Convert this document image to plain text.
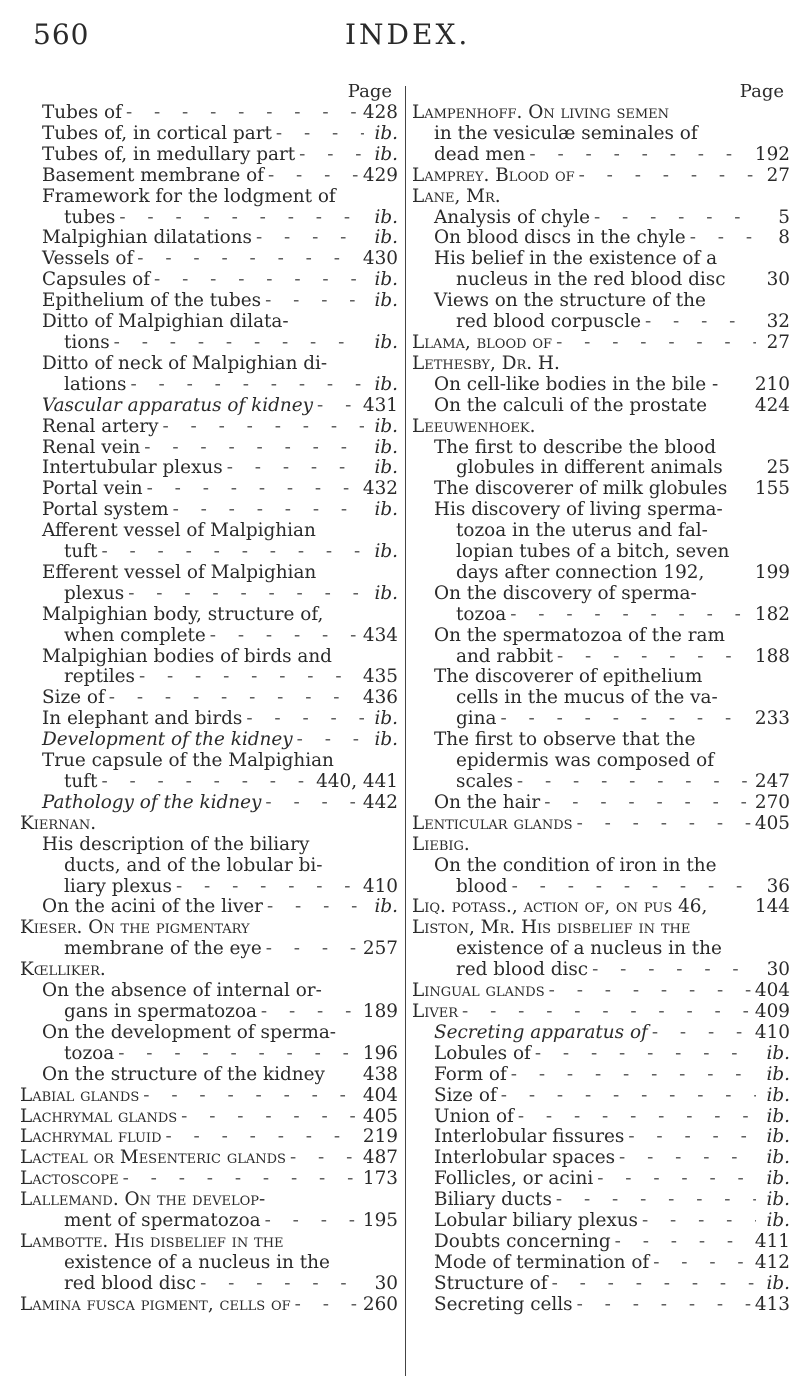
560	INDEX.
Page
Tubes of - - -	428
Tubes of, in cortical part - - -	ib.
Tubes of, in medullary part - - -	ib.
Basement membrane of - - -	429
Framework for the lodgment of
tubes - - -	ib.
Malpighian dilatations - - -	ib.
Vessels of - - -	430
Capsules of - - -	ib.
Epithelium of the tubes - - -	ib.
Ditto of Malpighian dilata-
tions - - -	ib.
Ditto of neck of Malpighian di-
lations - - -	ib.
Vascular apparatus of kidney - - -	431
Renal artery - - -	ib.
Renal vein - - -	ib.
Intertubular plexus - - -	ib.
Portal vein - - -	432
Portal system - - -	ib.
Afferent vessel of Malpighian
tuft - - -	ib.
Efferent vessel of Malpighian
plexus - - -	ib.
Malpighian body, structure of,
when complete - - -	434
Malpighian bodies of birds and
reptiles - - -	435
Size of - - -	436
In elephant and birds - - -	ib.
Development of the kidney - - -	ib.
True capsule of the Malpighian
tuft - - -	440, 441
Pathology of the kidney - - -	442
Kiernan.
His description of the biliary
ducts, and of the lobular bi-
liary plexus - - -	410
On the acini of the liver - - -	ib.
Kieser. On the pigmentary
membrane of the eye - - -	257
Kœlliker.
On the absence of internal or-
gans in spermatozoa - - -	189
On the development of sperma-
tozoa - - -	196
On the structure of the kidney 438
Labial glands - - -	404
Lachrymal glands - - -	405
Lachrymal fluid - - -	219
Lacteal or Mesenteric glands - - -	487
Lactoscope - - -	173
Lallemand. On the develop-
ment of spermatozoa - - -	195
Lambotte. His disbelief in the
existence of a nucleus in the
red blood disc - - -	30
Lamina fusca pigment, cells of - - -	260
Page
Lampenhoff. On living semen
in the vesiculæ seminales of
dead men - - -	192
Lamprey. Blood of - - -	27
Lane, Mr.
Analysis of chyle - - -	5
On blood discs in the chyle - - -	8
His belief in the existence of a
nucleus in the red blood disc	30
Views on the structure of the
red blood corpuscle - - -	32
Llama, blood of - - -	27
Lethesby, Dr. H.
On cell-like bodies in the bile - 210
On the calculi of the prostate	424
Leeuwenhoek.
The first to describe the blood
globules in different animals	25
The discoverer of milk globules 155
His discovery of living sperma-
tozoa in the uterus and fal-
lopian tubes of a bitch, seven
days after connection 192,	199
On the discovery of sperma-
tozoa - - -	182
On the spermatozoa of the ram
and rabbit - - -	188
The discoverer of epithelium
cells in the mucus of the va-
gina - - -	233
The first to observe that the
epidermis was composed of
scales - - -	247
On the hair - - -	270
Lenticular glands - - -	405
Liebig.
On the condition of iron in the
blood - - -	36
Liq. potass., action of, on pus 46,	144
Liston, Mr. His disbelief in the
existence of a nucleus in the
red blood disc - - -	30
Lingual glands - - -	404
Liver - - -	409
Secreting apparatus of - - -	410
Lobules of - - -	ib.
Form of - - -	ib.
Size of - - -	ib.
Union of - - -	ib.
Interlobular fissures - - -	ib.
Interlobular spaces - - -	ib.
Follicles, or acini - - -	ib.
Biliary ducts - - -	ib.
Lobular biliary plexus - - -	ib.
Doubts concerning - - -	411
Mode of termination of - - -	412
Structure of - - -	ib.
Secreting cells - - -	413
